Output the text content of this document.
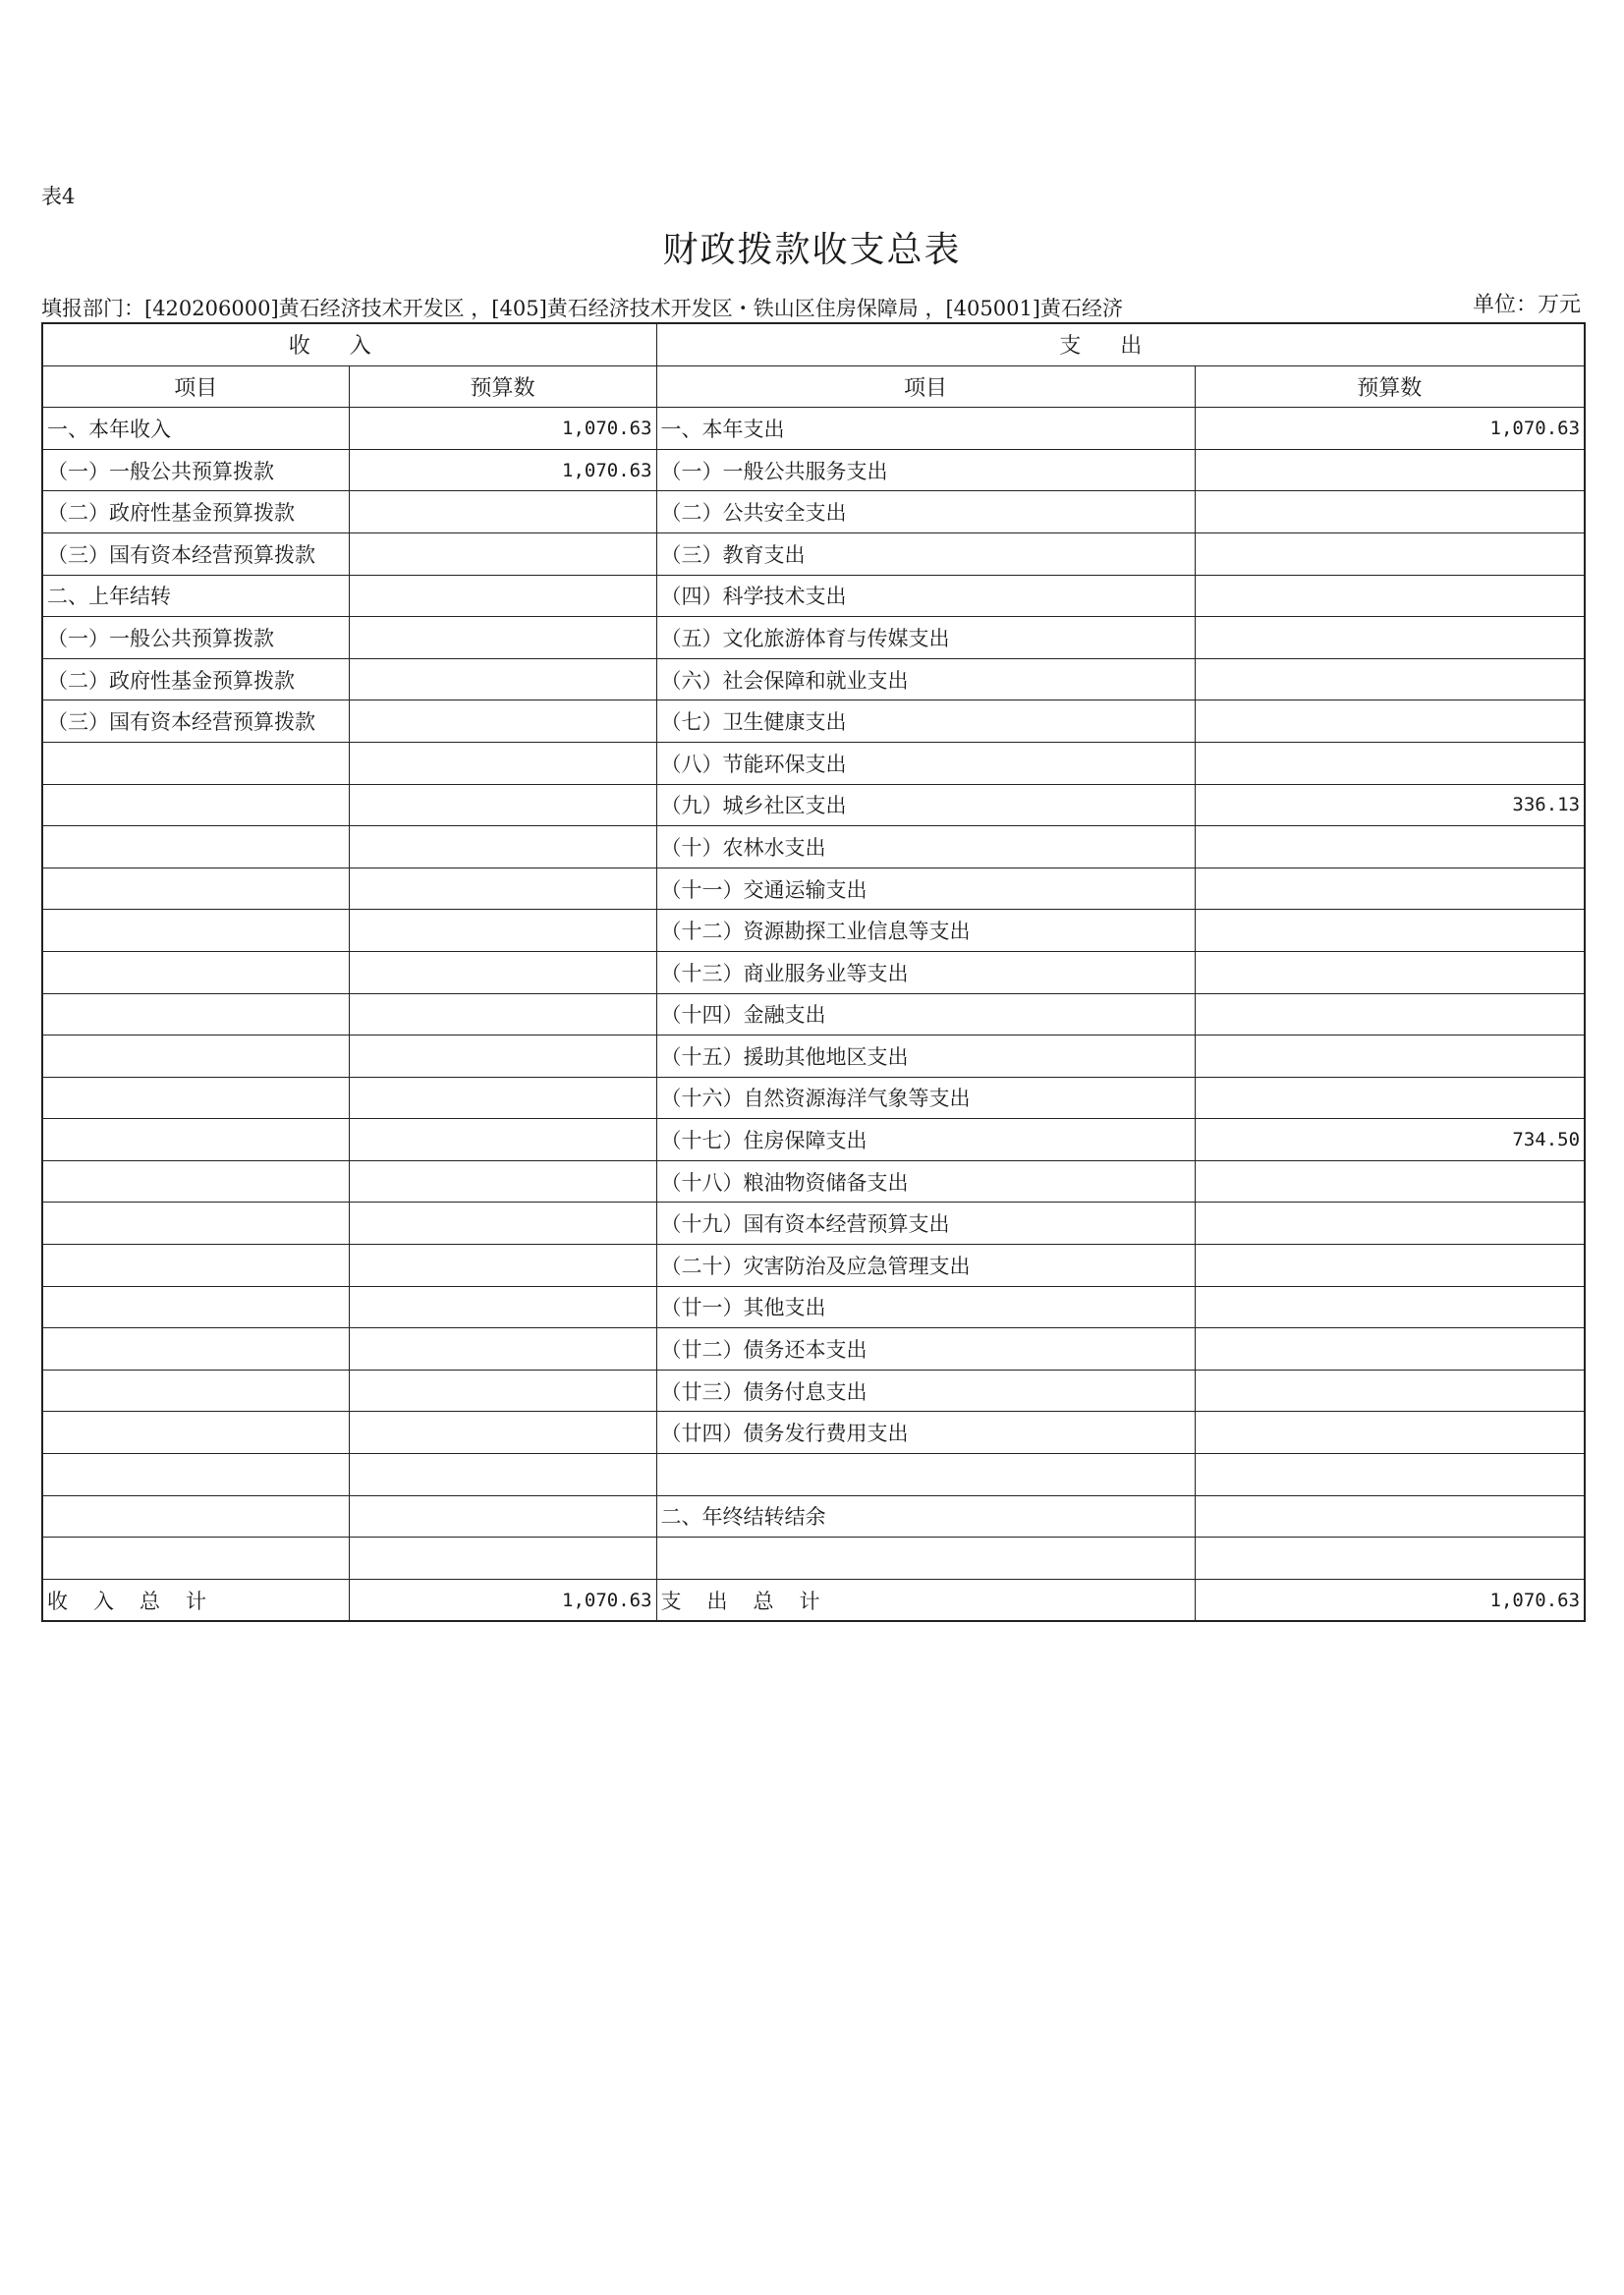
表4
财政拨款收支总表
填报部门：[420206000]黄石经济技术开发区 ，[405]黄石经济技术开发区・铁山区住房保障局 ，[405001]黄石经济	单位：万元
收入		支出	
项目	预算数	项目	预算数
一、本年收入	1,070.63	一、本年支出	1,070.63
（一）一般公共预算拨款	1,070.63	（一）一般公共服务支出	
（二）政府性基金预算拨款		（二）公共安全支出	
（三）国有资本经营预算拨款		（三）教育支出	
二、上年结转		（四）科学技术支出	
（一）一般公共预算拨款		（五）文化旅游体育与传媒支出	
（二）政府性基金预算拨款		（六）社会保障和就业支出	
（三）国有资本经营预算拨款		（七）卫生健康支出	
		（八）节能环保支出	
		（九）城乡社区支出	336.13
		（十）农林水支出	
		（十一）交通运输支出	
		（十二）资源勘探工业信息等支出	
		（十三）商业服务业等支出	
		（十四）金融支出	
		（十五）援助其他地区支出	
		（十六）自然资源海洋气象等支出	
		（十七）住房保障支出	734.50
		（十八）粮油物资储备支出	
		（十九）国有资本经营预算支出	
		（二十）灾害防治及应急管理支出	
		（廿一）其他支出	
		（廿二）债务还本支出	
		（廿三）债务付息支出	
		（廿四）债务发行费用支出	

		二、年终结转结余	

收入总计	1,070.63	支出总计	1,070.63
